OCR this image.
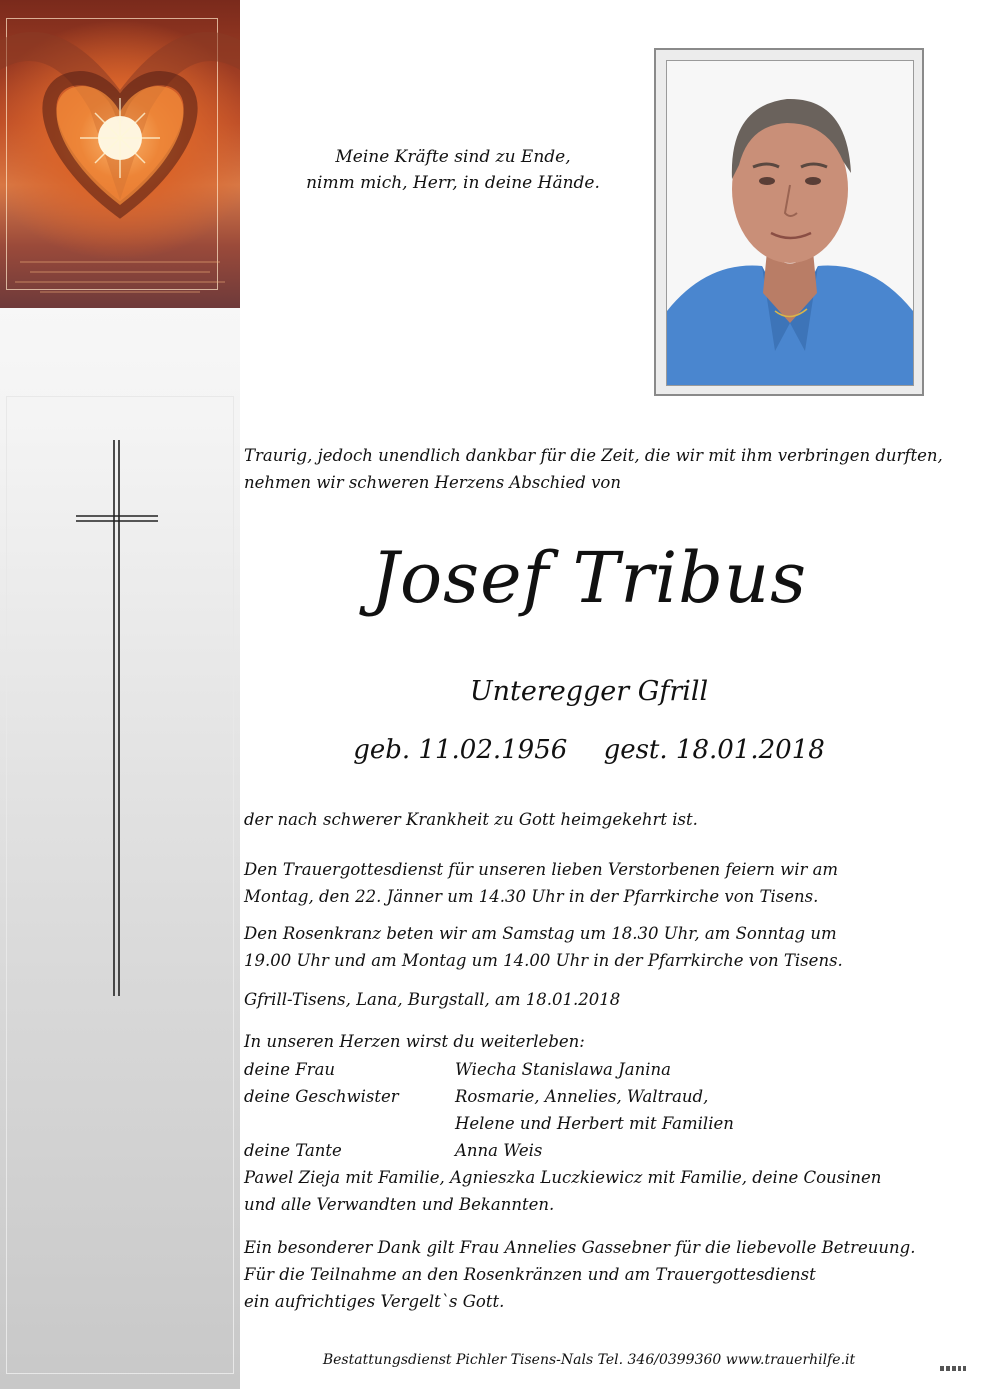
Meine Kräfte sind zu Ende,
nimm mich, Herr, in deine Hände.
Traurig, jedoch unendlich dankbar für die Zeit, die wir mit ihm verbringen durften,
nehmen wir schweren Herzens Abschied von
Josef Tribus
Unteregger Gfrill
geb. 11.02.1956 gest. 18.01.2018
der nach schwerer Krankheit zu Gott heimgekehrt ist.
Den Trauergottesdienst für unseren lieben Verstorbenen feiern wir am
Montag, den 22. Jänner um 14.30 Uhr in der Pfarrkirche von Tisens.
Den Rosenkranz beten wir am Samstag um 18.30 Uhr, am Sonntag um
19.00 Uhr und am Montag um 14.00 Uhr in der Pfarrkirche von Tisens.
Gfrill-Tisens, Lana, Burgstall, am 18.01.2018
In unseren Herzen wirst du weiterleben:
deine Frau	Wiecha Stanislawa Janina
deine Geschwister	Rosmarie, Annelies, Waltraud,
Helene und Herbert mit Familien
deine Tante	Anna Weis
Pawel Zieja mit Familie, Agnieszka Luczkiewicz mit Familie, deine Cousinen
und alle Verwandten und Bekannten.
Ein besonderer Dank gilt Frau Annelies Gassebner für die liebevolle Betreuung.
Für die Teilnahme an den Rosenkränzen und am Trauergottesdienst
ein aufrichtiges Vergelt`s Gott.
Bestattungsdienst Pichler Tisens-Nals Tel. 346/0399360 www.trauerhilfe.it
